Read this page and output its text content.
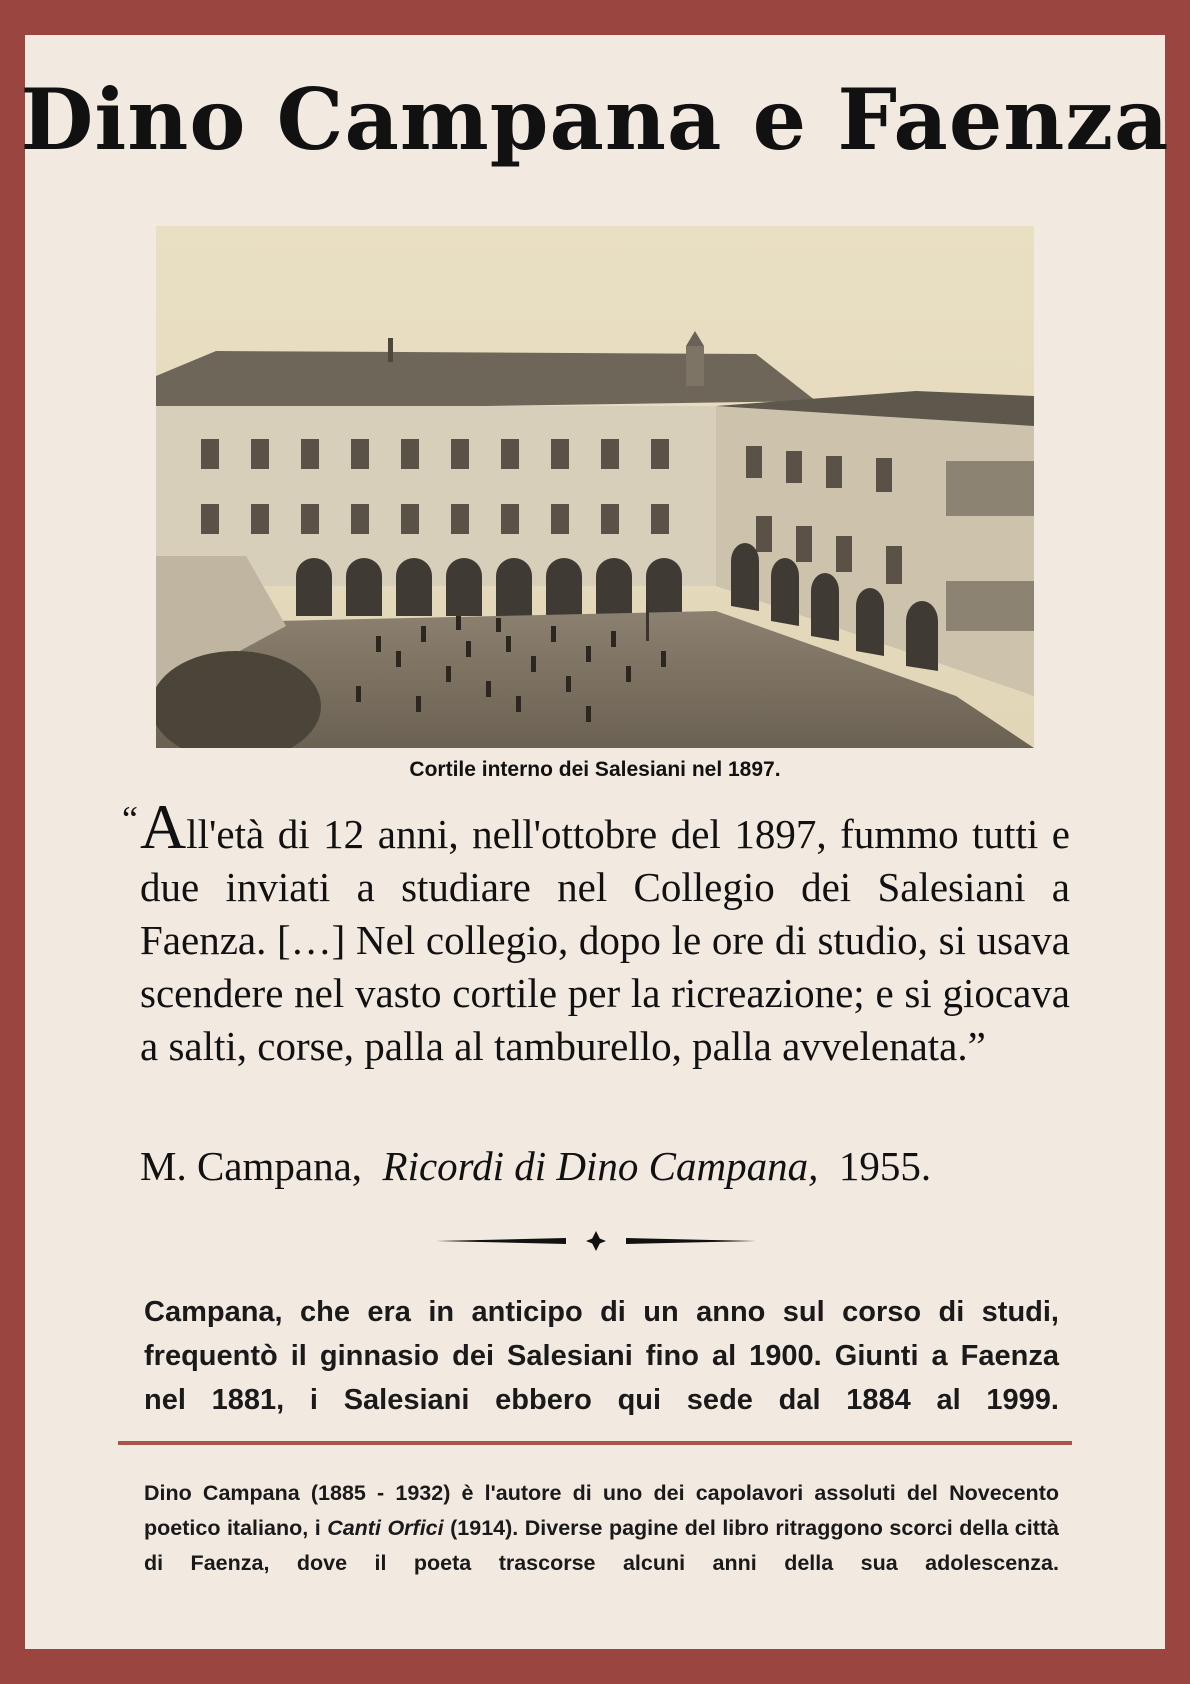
Dino Campana e Faenza
Cortile interno dei Salesiani nel 1897.
“ All'età di 12 anni, nell'ottobre del 1897, fummo tutti e due inviati a studiare nel Collegio dei Salesiani a Faenza. […] Nel collegio, dopo le ore di studio, si usava scendere nel vasto cortile per la ricreazione; e si giocava a salti, corse, palla al tamburello, palla avvelenata.”
M. Campana, Ricordi di Dino Campana, 1955.
Campana, che era in anticipo di un anno sul corso di studi, frequentò il ginnasio dei Salesiani fino al 1900. Giunti a Faenza nel 1881, i Salesiani ebbero qui sede dal 1884 al 1999.
Dino Campana (1885 - 1932) è l'autore di uno dei capolavori assoluti del Novecento poetico italiano, i Canti Orfici (1914). Diverse pagine del libro ritraggono scorci della città di Faenza, dove il poeta trascorse alcuni anni della sua adolescenza.
